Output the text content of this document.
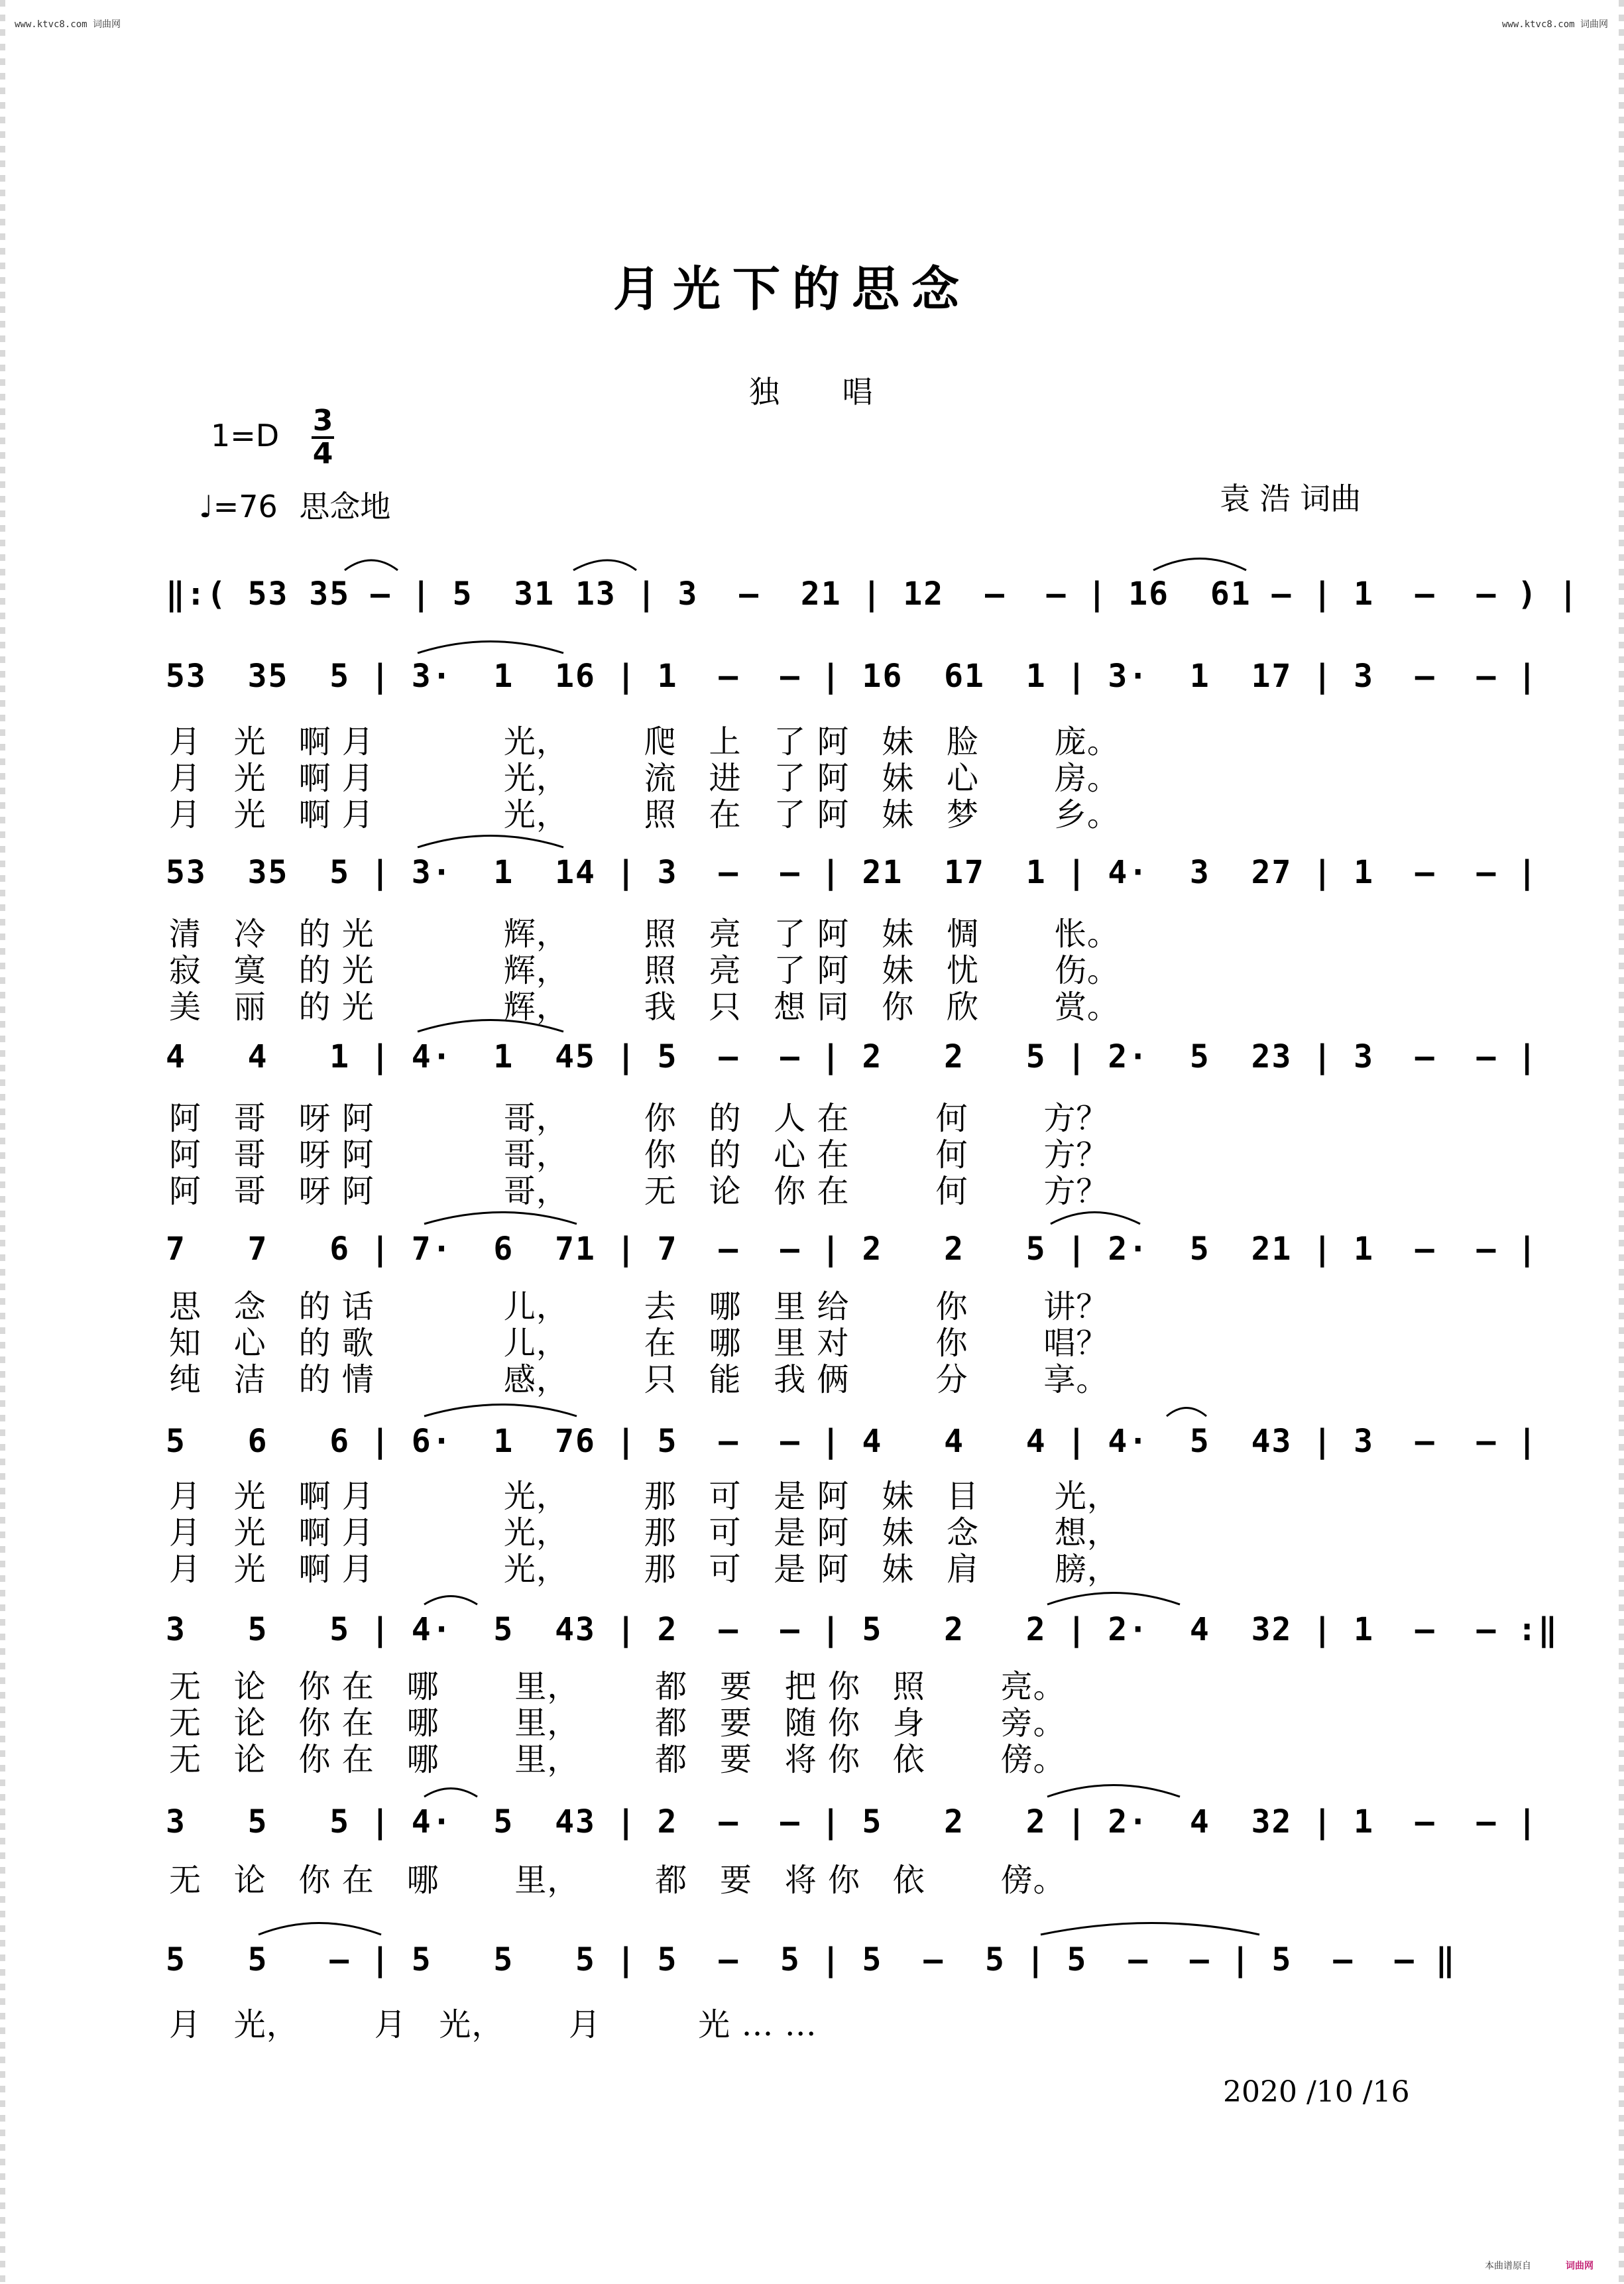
www.ktvc8.com 词曲网	www.ktvc8.com 词曲网
月光下的思念
独 唱
1=D 3
4
♩=76 思念地	袁 浩 词曲
‖:( 53 35 – | 5  31 13 | 3  –  21 | 12  –  – | 16  61 – | 1  –  – ) |
53  35  5 | 3·  1  16 | 1  –  – | 16  61  1 | 3·  1  17 | 3  –  – |
月   光   啊 月            光，       爬   上   了 阿   妹   脸       庞。
月   光   啊 月            光，       流   进   了 阿   妹   心       房。
月   光   啊 月            光，       照   在   了 阿   妹   梦       乡。
53  35  5 | 3·  1  14 | 3  –  – | 21  17  1 | 4·  3  27 | 1  –  – |
清   冷   的 光            辉，       照   亮   了 阿   妹   惆       怅。
寂   寞   的 光            辉，       照   亮   了 阿   妹   忧       伤。
美   丽   的 光            辉，       我   只   想 同   你   欣       赏。
4   4   1 | 4·  1  45 | 5  –  – | 2   2   5 | 2·  5  23 | 3  –  – |
阿   哥   呀 阿            哥，       你   的   人 在        何       方？
阿   哥   呀 阿            哥，       你   的   心 在        何       方？
阿   哥   呀 阿            哥，       无   论   你 在        何       方？
7   7   6 | 7·  6  71 | 7  –  – | 2   2   5 | 2·  5  21 | 1  –  – |
思   念   的 话            儿，       去   哪   里 给        你       讲？
知   心   的 歌            儿，       在   哪   里 对        你       唱？
纯   洁   的 情            感，       只   能   我 俩        分       享。
5   6   6 | 6·  1  76 | 5  –  – | 4   4   4 | 4·  5  43 | 3  –  – |
月   光   啊 月            光，       那   可   是 阿   妹   目       光，
月   光   啊 月            光，       那   可   是 阿   妹   念       想，
月   光   啊 月            光，       那   可   是 阿   妹   肩       膀，
3   5   5 | 4·  5  43 | 2  –  – | 5   2   2 | 2·  4  32 | 1  –  – :‖
无   论   你 在   哪       里，       都   要   把 你   照       亮。
无   论   你 在   哪       里，       都   要   随 你   身       旁。
无   论   你 在   哪       里，       都   要   将 你   依       傍。
3   5   5 | 4·  5  43 | 2  –  – | 5   2   2 | 2·  4  32 | 1  –  – |
无   论   你 在   哪       里，       都   要   将 你   依       傍。
5   5   – | 5   5   5 | 5  –  5 | 5  –  5 | 5  –  – | 5  –  – ‖
月   光，       月   光，      月         光 … …
2020 /10 /16
本曲谱原自	词曲网
